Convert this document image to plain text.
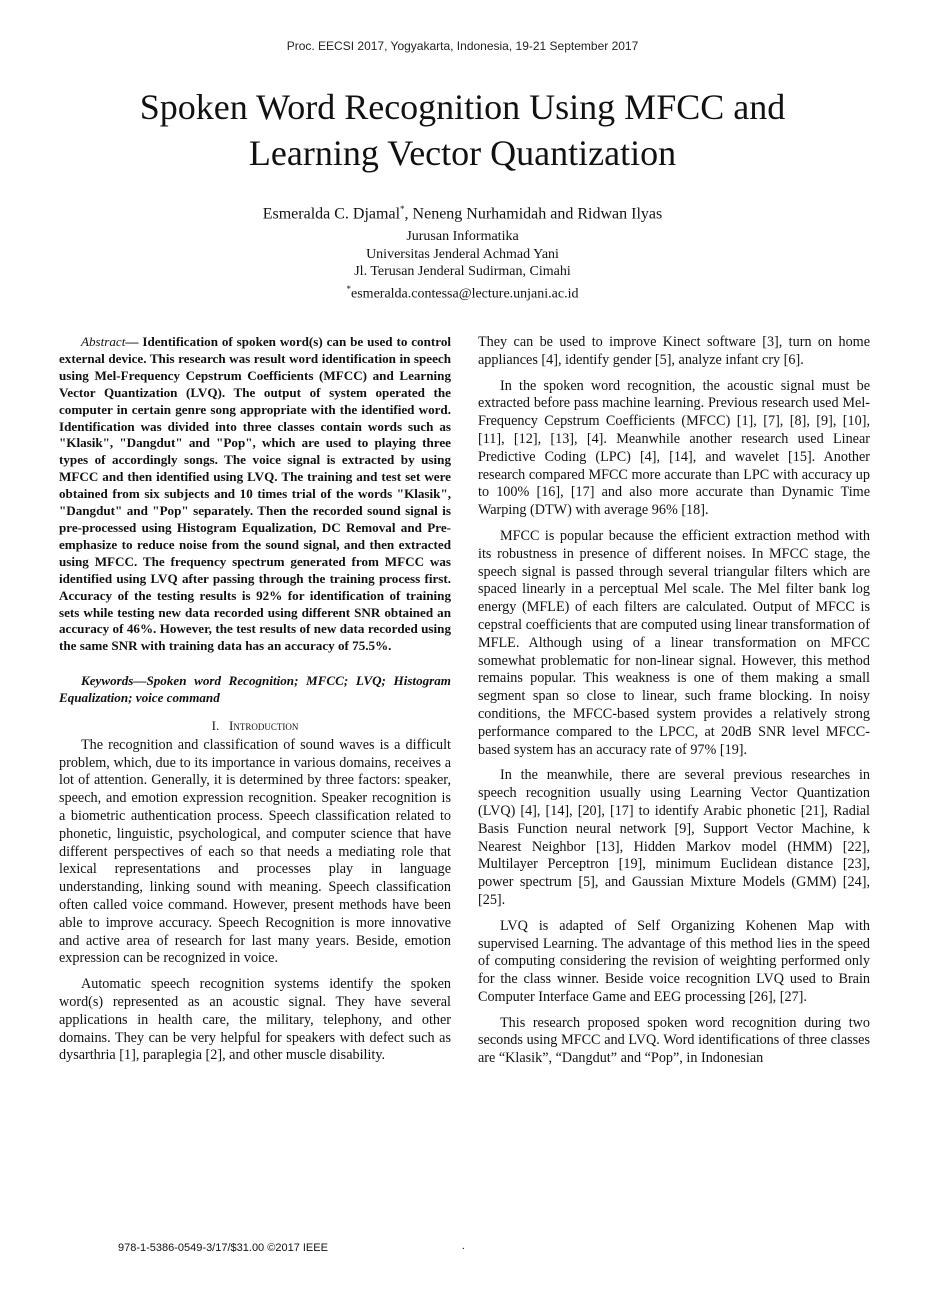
Proc. EECSI 2017, Yogyakarta, Indonesia, 19-21 September 2017
Spoken Word Recognition Using MFCC and
Learning Vector Quantization
Esmeralda C. Djamal*, Neneng Nurhamidah and Ridwan Ilyas
Jurusan Informatika
Universitas Jenderal Achmad Yani
Jl. Terusan Jenderal Sudirman, Cimahi
*esmeralda.contessa@lecture.unjani.ac.id

Abstract— Identification of spoken word(s) can be used to control external device. This research was result word identification in speech using Mel-Frequency Cepstrum Coefficients (MFCC) and Learning Vector Quantization (LVQ). The output of system operated the computer in certain genre song appropriate with the identified word. Identification was divided into three classes contain words such as "Klasik", "Dangdut" and "Pop", which are used to playing three types of accordingly songs. The voice signal is extracted by using MFCC and then identified using LVQ. The training and test set were obtained from six subjects and 10 times trial of the words "Klasik", "Dangdut" and "Pop" separately. Then the recorded sound signal is pre-processed using Histogram Equalization, DC Removal and Pre-emphasize to reduce noise from the sound signal, and then extracted using MFCC. The frequency spectrum generated from MFCC was identified using LVQ after passing through the training process first. Accuracy of the testing results is 92% for identification of training sets while testing new data recorded using different SNR obtained an accuracy of 46%. However, the test results of new data recorded using the same SNR with training data has an accuracy of 75.5%.

Keywords—Spoken word Recognition; MFCC; LVQ; Histogram Equalization; voice command

I. Introduction

The recognition and classification of sound waves is a difficult problem, which, due to its importance in various domains, receives a lot of attention. Generally, it is determined by three factors: speaker, speech, and emotion expression recognition. Speaker recognition is a biometric authentication process. Speech classification related to phonetic, linguistic, psychological, and computer science that have different perspectives of each so that needs a mediating role that lexical representations and processes play in language understanding, linking sound with meaning. Speech classification often called voice command. However, present methods have been able to improve accuracy. Speech Recognition is more innovative and active area of research for last many years. Beside, emotion expression can be recognized in voice.

Automatic speech recognition systems identify the spoken word(s) represented as an acoustic signal. They have several applications in health care, the military, telephony, and other domains. They can be very helpful for speakers with defect such as dysarthria [1], paraplegia [2], and other muscle disability.

They can be used to improve Kinect software [3], turn on home appliances [4], identify gender [5], analyze infant cry [6].

In the spoken word recognition, the acoustic signal must be extracted before pass machine learning. Previous research used Mel-Frequency Cepstrum Coefficients (MFCC) [1], [7], [8], [9], [10], [11], [12], [13], [4]. Meanwhile another research used Linear Predictive Coding (LPC) [4], [14], and wavelet [15]. Another research compared MFCC more accurate than LPC with accuracy up to 100% [16], [17] and also more accurate than Dynamic Time Warping (DTW) with average 96% [18].

MFCC is popular because the efficient extraction method with its robustness in presence of different noises. In MFCC stage, the speech signal is passed through several triangular filters which are spaced linearly in a perceptual Mel scale. The Mel filter bank log energy (MFLE) of each filters are calculated. Output of MFCC is cepstral coefficients that are computed using linear transformation of MFLE. Although using of a linear transformation on MFCC somewhat problematic for non-linear signal. However, this method remains popular. This weakness is one of them making a small segment span so close to linear, such frame blocking. In noisy conditions, the MFCC-based system provides a relatively strong performance compared to the LPCC, at 20dB SNR level MFCC-based system has an accuracy rate of 97% [19].

In the meanwhile, there are several previous researches in speech recognition usually using Learning Vector Quantization (LVQ) [4], [14], [20], [17] to identify Arabic phonetic [21], Radial Basis Function neural network [9], Support Vector Machine, k Nearest Neighbor [13], Hidden Markov model (HMM) [22], Multilayer Perceptron [19], minimum Euclidean distance [23], power spectrum [5], and Gaussian Mixture Models (GMM) [24], [25].

LVQ is adapted of Self Organizing Kohenen Map with supervised Learning. The advantage of this method lies in the speed of computing considering the revision of weighting performed only for the class winner. Beside voice recognition LVQ used to Brain Computer Interface Game and EEG processing [26], [27].

This research proposed spoken word recognition during two seconds using MFCC and LVQ. Word identifications of three classes are “Klasik”, “Dangdut” and “Pop”, in Indonesian

978-1-5386-0549-3/17/$31.00 ©2017 IEEE	.
